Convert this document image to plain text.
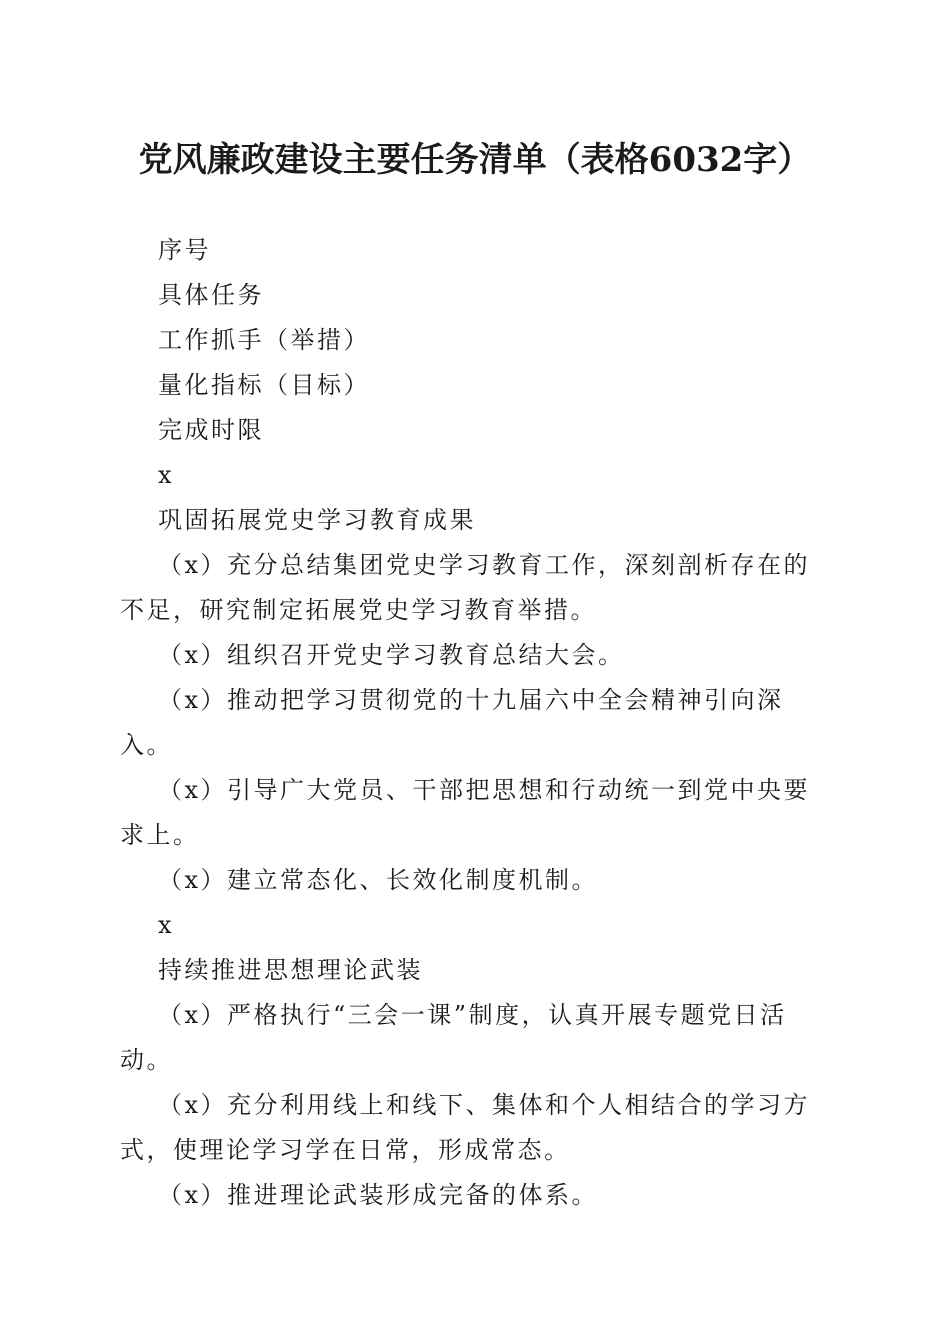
党风廉政建设主要任务清单（表格6032字）

序号

具体任务

工作抓手（举措）

量化指标（目标）

完成时限

x

巩固拓展党史学习教育成果

（x）充分总结集团党史学习教育工作，深刻剖析存在的不足，研究制定拓展党史学习教育举措。

（x）组织召开党史学习教育总结大会。

（x）推动把学习贯彻党的十九届六中全会精神引向深入。

（x）引导广大党员、干部把思想和行动统一到党中央要求上。

（x）建立常态化、长效化制度机制。

x

持续推进思想理论武装

（x）严格执行“三会一课”制度，认真开展专题党日活动。

（x）充分利用线上和线下、集体和个人相结合的学习方式，使理论学习学在日常，形成常态。

（x）推进理论武装形成完备的体系。
